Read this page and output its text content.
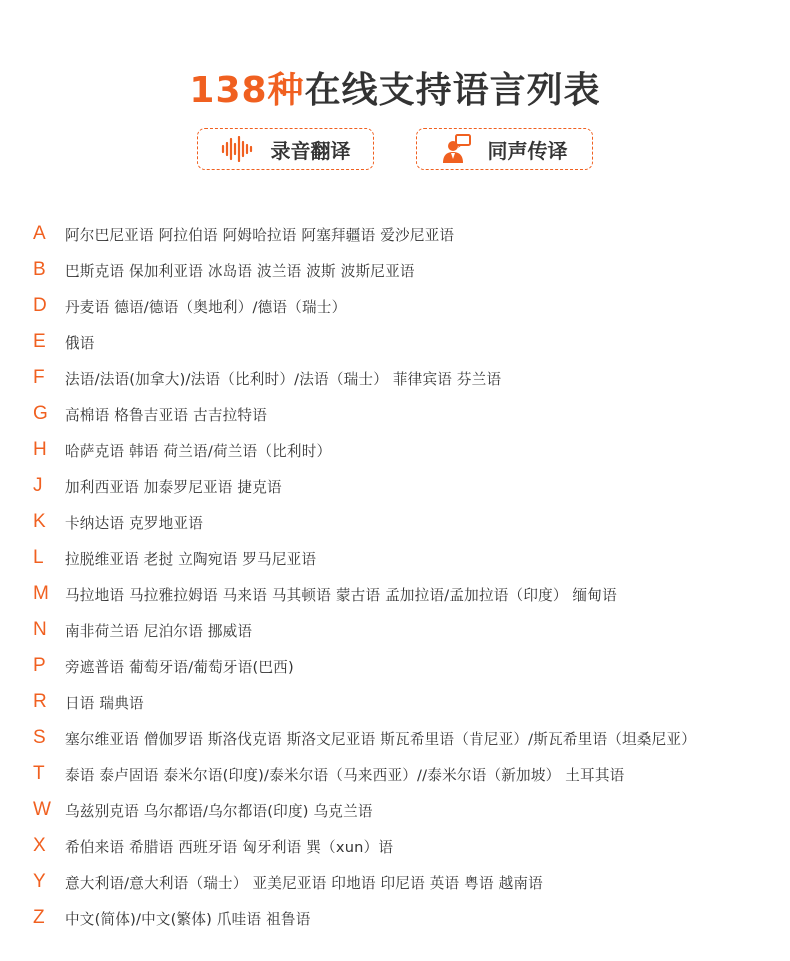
138种在线支持语言列表
录音翻译	同声传译
A	阿尔巴尼亚语 阿拉伯语 阿姆哈拉语 阿塞拜疆语 爱沙尼亚语
B	巴斯克语 保加利亚语 冰岛语 波兰语 波斯 波斯尼亚语
D	丹麦语 德语/德语（奥地利）/德语（瑞士）
E	俄语
F	法语/法语(加拿大)/法语（比利时）/法语（瑞士） 菲律宾语 芬兰语
G	高棉语 格鲁吉亚语 古吉拉特语
H	哈萨克语 韩语 荷兰语/荷兰语（比利时）
J	加利西亚语 加泰罗尼亚语 捷克语
K	卡纳达语 克罗地亚语
L	拉脱维亚语 老挝 立陶宛语 罗马尼亚语
M	马拉地语 马拉雅拉姆语 马来语 马其顿语 蒙古语 孟加拉语/孟加拉语（印度） 缅甸语
N	南非荷兰语 尼泊尔语 挪威语
P	旁遮普语 葡萄牙语/葡萄牙语(巴西)
R	日语 瑞典语
S	塞尔维亚语 僧伽罗语 斯洛伐克语 斯洛文尼亚语 斯瓦希里语（肯尼亚）/斯瓦希里语（坦桑尼亚）
T	泰语 泰卢固语 泰米尔语(印度)/泰米尔语（马来西亚）//泰米尔语（新加坡） 土耳其语
W 乌兹别克语 乌尔都语/乌尔都语(印度) 乌克兰语
X	希伯来语 希腊语 西班牙语 匈牙利语 巽（xun）语
Y	意大利语/意大利语（瑞士） 亚美尼亚语 印地语 印尼语 英语 粤语 越南语
Z	中文(简体)/中文(繁体) 爪哇语 祖鲁语
